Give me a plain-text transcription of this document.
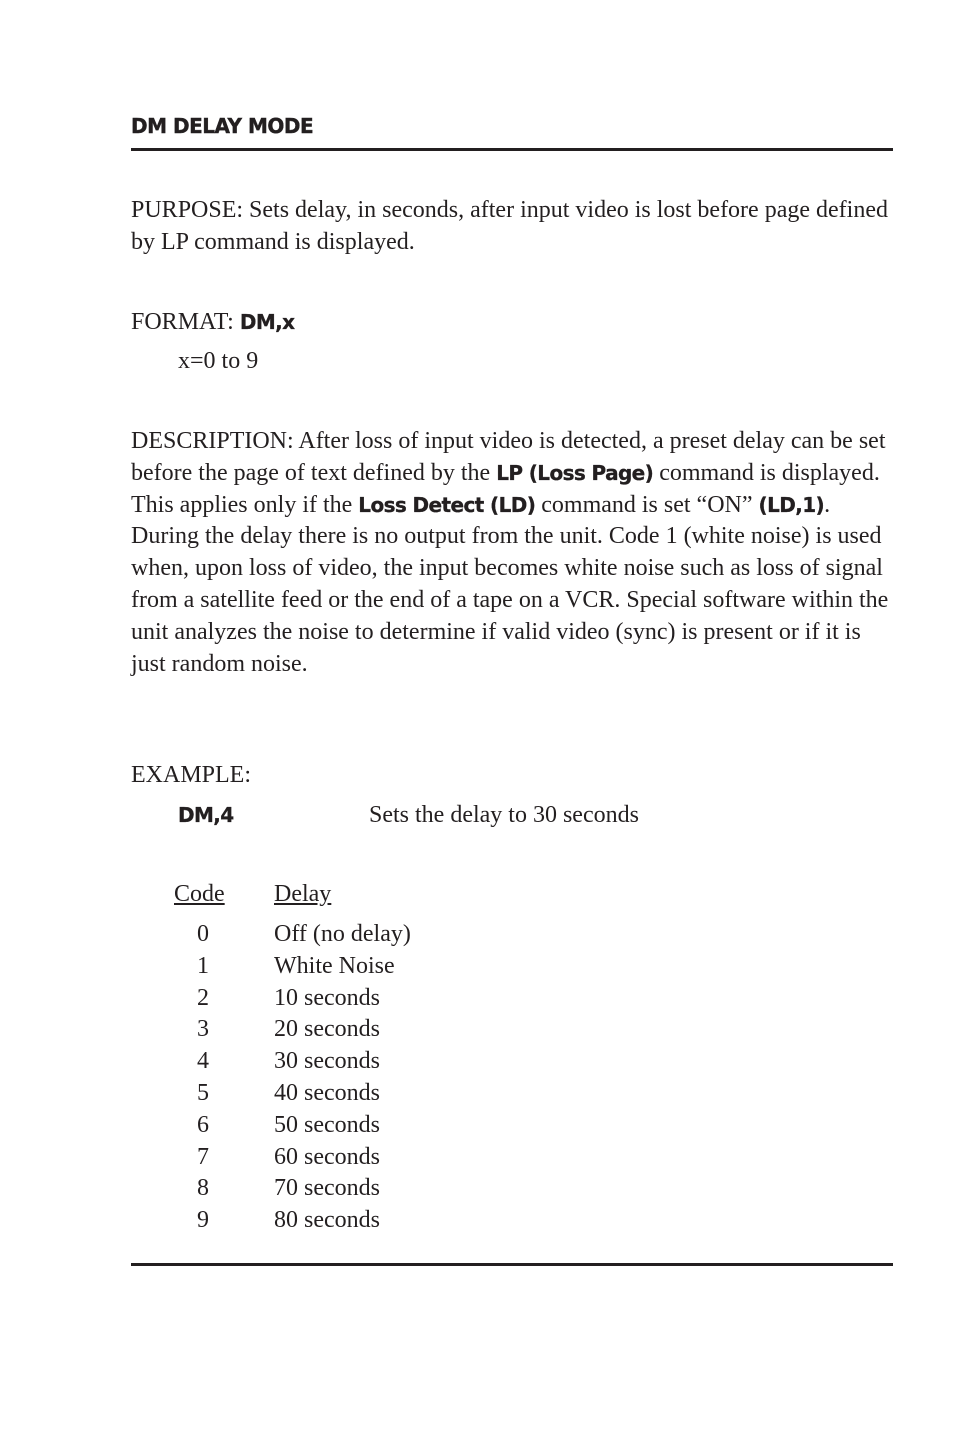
DM DELAY MODE

PURPOSE: Sets delay, in seconds, after input video is lost before page defined by LP command is displayed.

FORMAT: DM,x

x=0 to 9

DESCRIPTION: After loss of input video is detected, a preset delay can be set before the page of text defined by the LP (Loss Page) command is displayed. This applies only if the Loss Detect (LD) command is set “ON” (LD,1). During the delay there is no output from the unit. Code 1 (white noise) is used when, upon loss of video, the input becomes white noise such as loss of signal from a satellite feed or the end of a tape on a VCR. Special software within the unit analyzes the noise to determine if valid video (sync) is present or if it is just random noise.

EXAMPLE:

DM,4	Sets the delay to 30 seconds
Code Delay
0	Off (no delay)
1	White Noise
2	10 seconds
3	20 seconds
4	30 seconds
5	40 seconds
6	50 seconds
7	60 seconds
8	70 seconds
9	80 seconds
